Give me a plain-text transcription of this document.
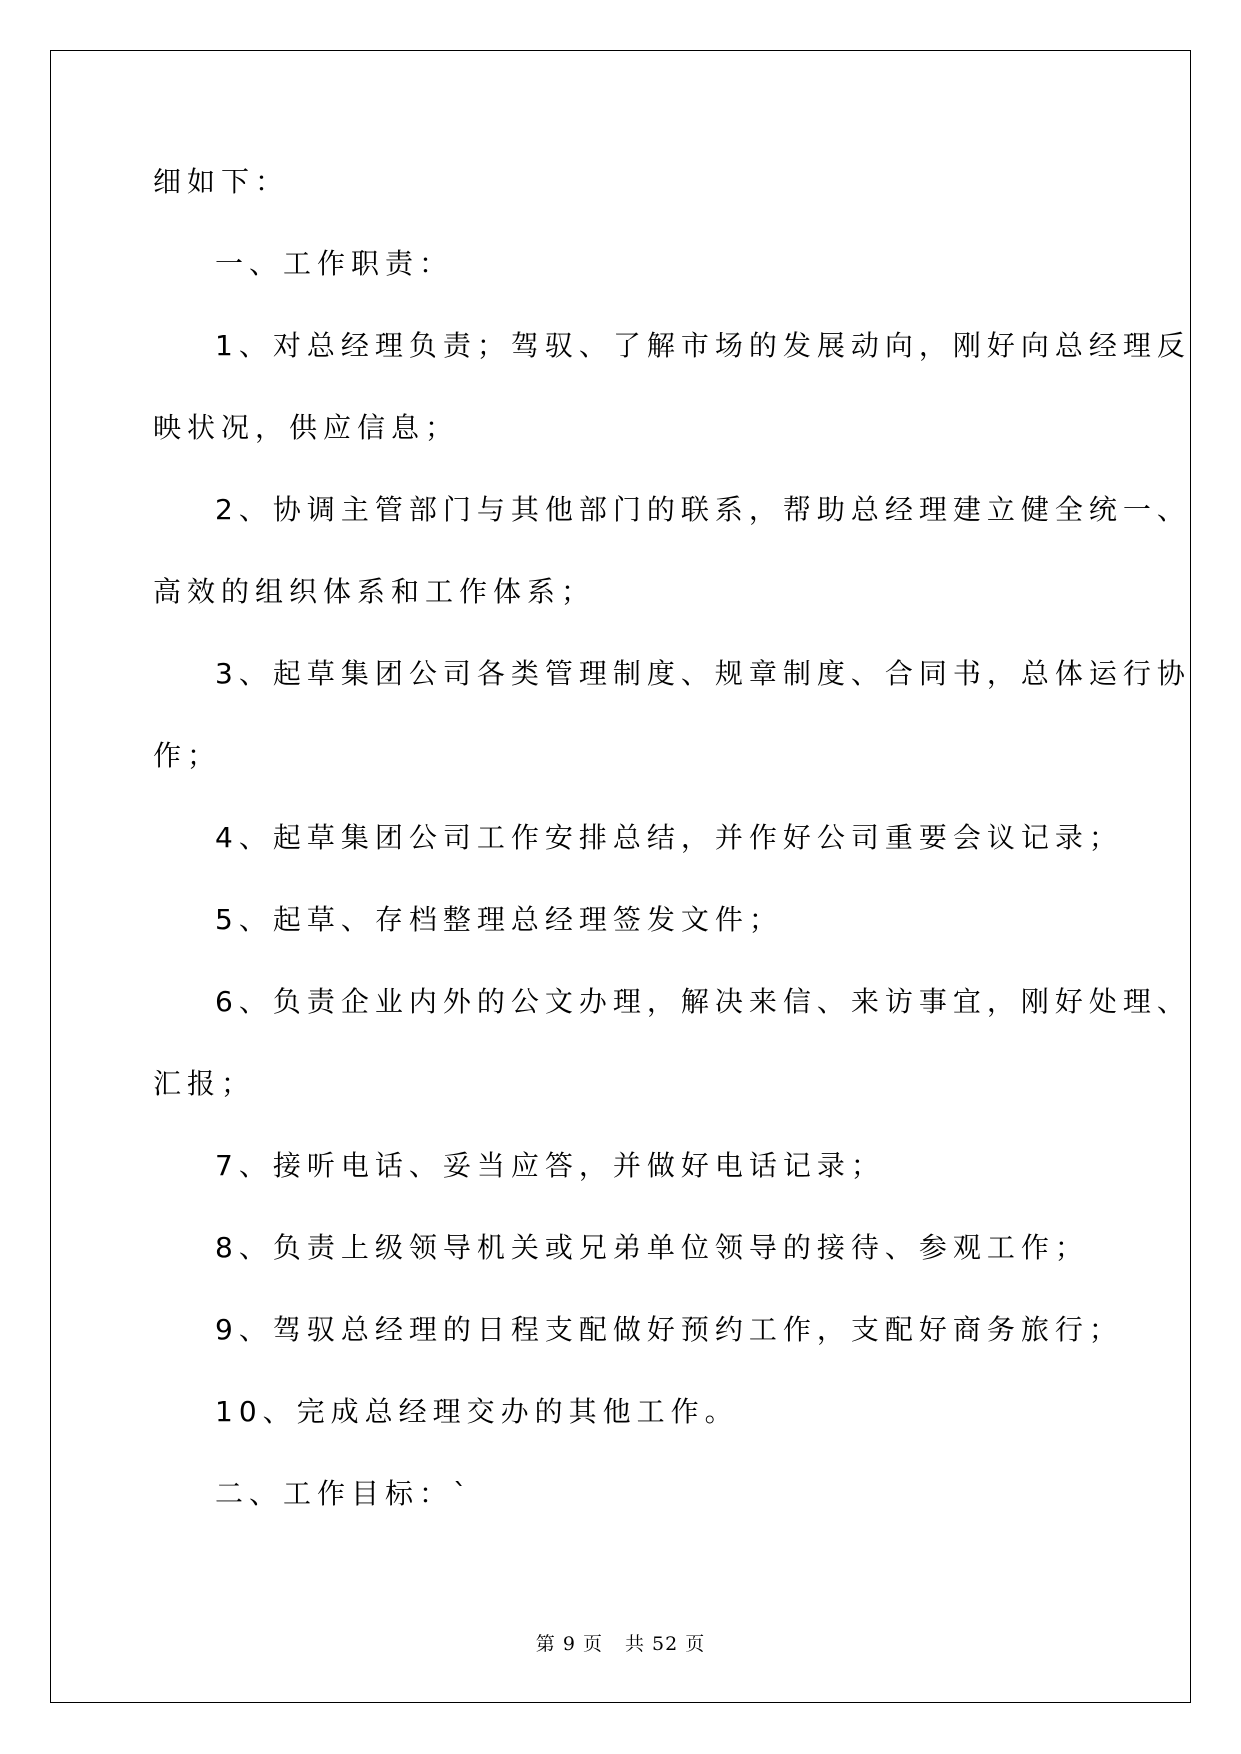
细如下：
一、工作职责：
1、对总经理负责；驾驭、了解市场的发展动向，刚好向总经理反
映状况，供应信息；
2、协调主管部门与其他部门的联系，帮助总经理建立健全统一、
高效的组织体系和工作体系；
3、起草集团公司各类管理制度、规章制度、合同书，总体运行协
作；
4、起草集团公司工作安排总结，并作好公司重要会议记录；
5、起草、存档整理总经理签发文件；
6、负责企业内外的公文办理，解决来信、来访事宜，刚好处理、
汇报；
7、接听电话、妥当应答，并做好电话记录；
8、负责上级领导机关或兄弟单位领导的接待、参观工作；
9、驾驭总经理的日程支配做好预约工作，支配好商务旅行；
10、完成总经理交办的其他工作。
二、工作目标：`
第 9 页 共 52 页
